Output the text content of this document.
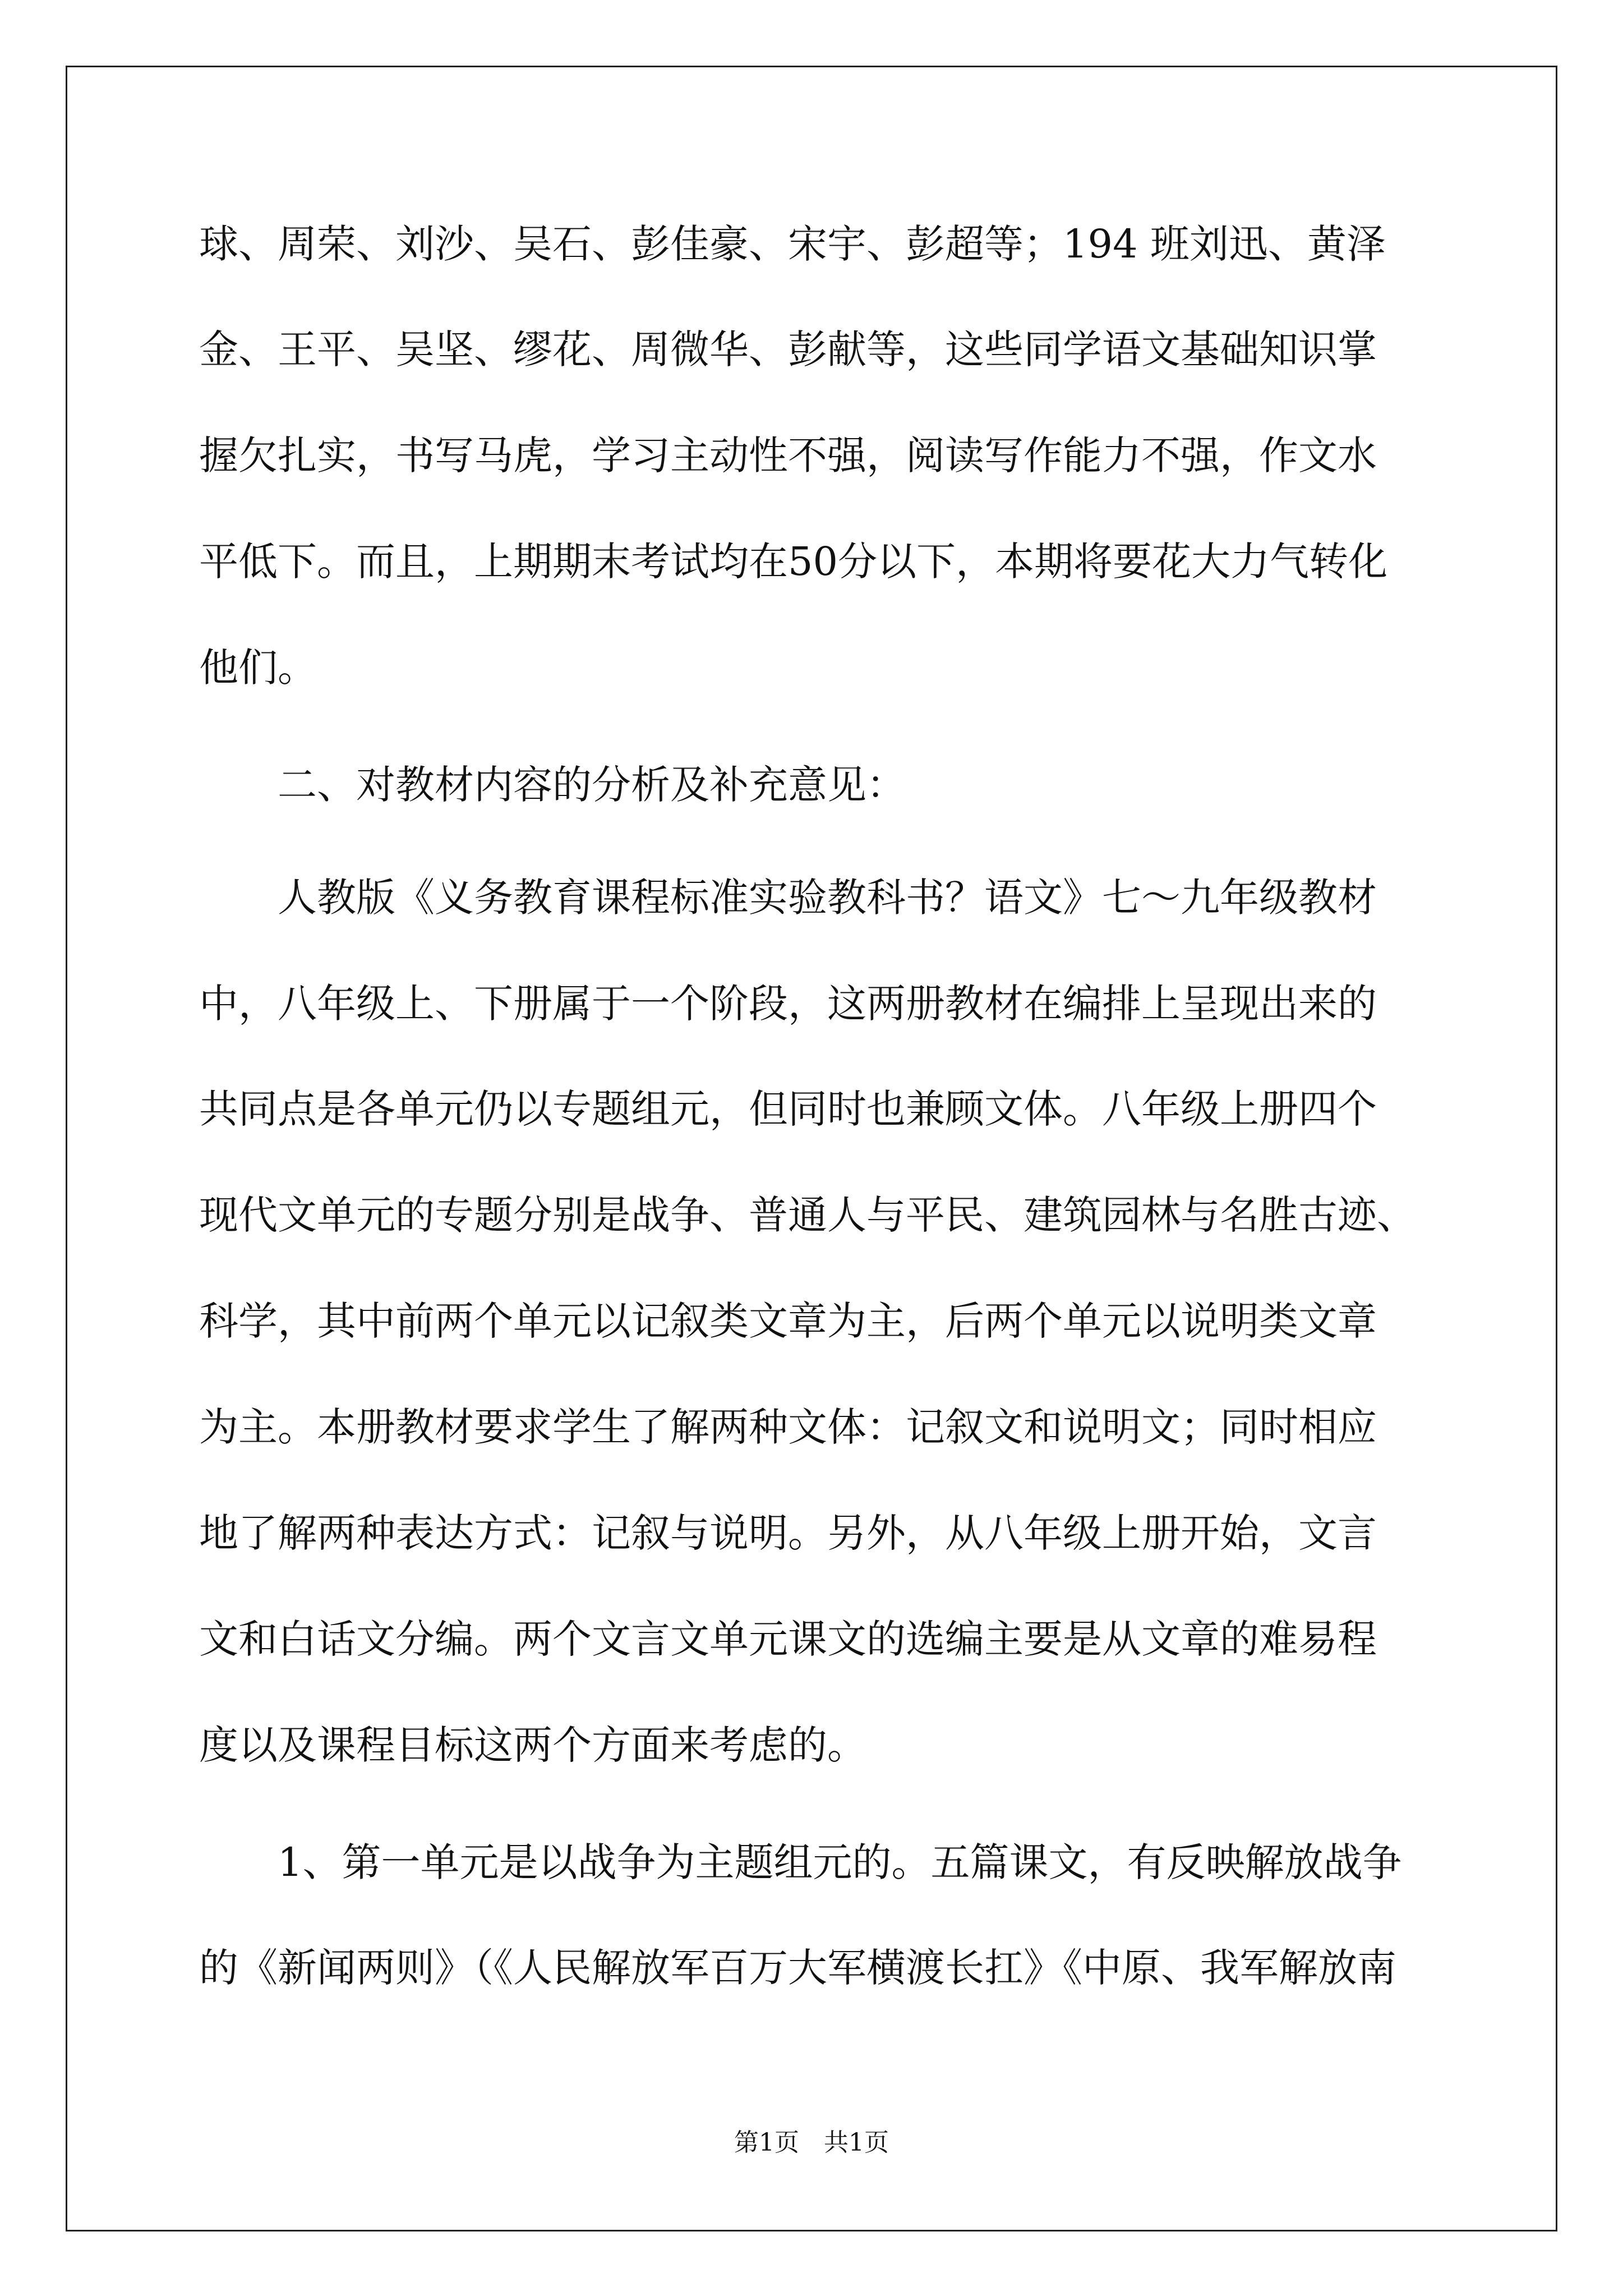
球、周荣、刘沙、吴石、彭佳豪、宋宇、彭超等；194 班刘迅、黄泽
金、王平、吴坚、缪花、周微华、彭献等，这些同学语文基础知识掌
握欠扎实，书写马虎，学习主动性不强，阅读写作能力不强，作文水
平低下。而且，上期期末考试均在50分以下，本期将要花大力气转化
他们。
二、对教材内容的分析及补充意见：
人教版《义务教育课程标准实验教科书？语文》七～九年级教材
中，八年级上、下册属于一个阶段，这两册教材在编排上呈现出来的
共同点是各单元仍以专题组元，但同时也兼顾文体。八年级上册四个
现代文单元的专题分别是战争、普通人与平民、建筑园林与名胜古迹、
科学，其中前两个单元以记叙类文章为主，后两个单元以说明类文章
为主。本册教材要求学生了解两种文体：记叙文和说明文；同时相应
地了解两种表达方式：记叙与说明。另外，从八年级上册开始，文言
文和白话文分编。两个文言文单元课文的选编主要是从文章的难易程
度以及课程目标这两个方面来考虑的。
1、第一单元是以战争为主题组元的。五篇课文，有反映解放战争
的《新闻两则》（《人民解放军百万大军横渡长扛》《中原、我军解放南
第1页　共1页
